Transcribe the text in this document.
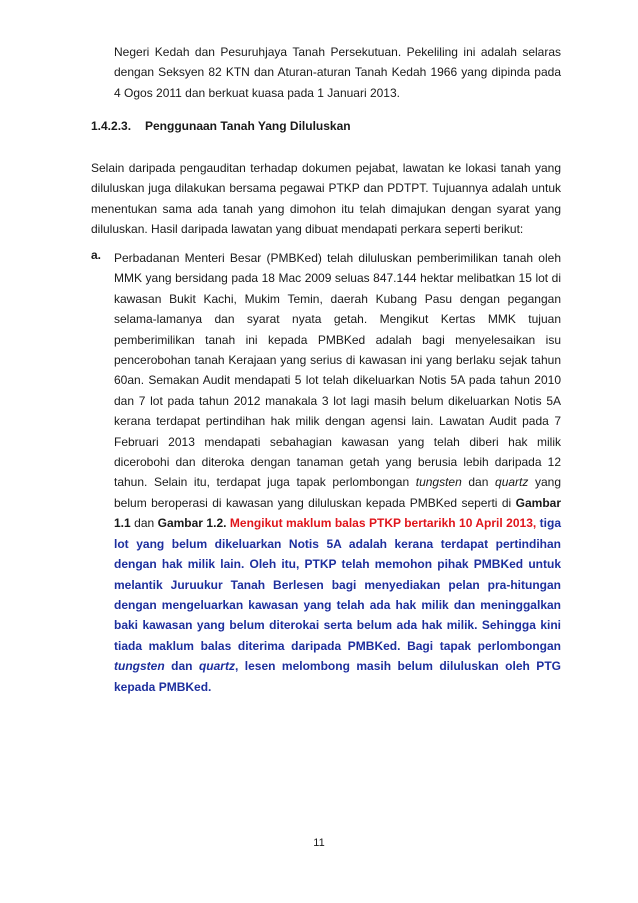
Negeri Kedah dan Pesuruhjaya Tanah Persekutuan. Pekeliling ini adalah selaras dengan Seksyen 82 KTN dan Aturan-aturan Tanah Kedah 1966 yang dipinda pada 4 Ogos 2011 dan berkuat kuasa pada 1 Januari 2013.

1.4.2.3. Penggunaan Tanah Yang Diluluskan

Selain daripada pengauditan terhadap dokumen pejabat, lawatan ke lokasi tanah yang diluluskan juga dilakukan bersama pegawai PTKP dan PDTPT. Tujuannya adalah untuk menentukan sama ada tanah yang dimohon itu telah dimajukan dengan syarat yang diluluskan. Hasil daripada lawatan yang dibuat mendapati perkara seperti berikut:

a. Perbadanan Menteri Besar (PMBKed) telah diluluskan pemberimilikan tanah oleh MMK yang bersidang pada 18 Mac 2009 seluas 847.144 hektar melibatkan 15 lot di kawasan Bukit Kachi, Mukim Temin, daerah Kubang Pasu dengan pegangan selama-lamanya dan syarat nyata getah. Mengikut Kertas MMK tujuan pemberimilikan tanah ini kepada PMBKed adalah bagi menyelesaikan isu pencerobohan tanah Kerajaan yang serius di kawasan ini yang berlaku sejak tahun 60an. Semakan Audit mendapati 5 lot telah dikeluarkan Notis 5A pada tahun 2010 dan 7 lot pada tahun 2012 manakala 3 lot lagi masih belum dikeluarkan Notis 5A kerana terdapat pertindihan hak milik dengan agensi lain. Lawatan Audit pada 7 Februari 2013 mendapati sebahagian kawasan yang telah diberi hak milik dicerobohi dan diteroka dengan tanaman getah yang berusia lebih daripada 12 tahun. Selain itu, terdapat juga tapak perlombongan tungsten dan quartz yang belum beroperasi di kawasan yang diluluskan kepada PMBKed seperti di Gambar 1.1 dan Gambar 1.2. Mengikut maklum balas PTKP bertarikh 10 April 2013, tiga lot yang belum dikeluarkan Notis 5A adalah kerana terdapat pertindihan dengan hak milik lain. Oleh itu, PTKP telah memohon pihak PMBKed untuk melantik Juruukur Tanah Berlesen bagi menyediakan pelan pra-hitungan dengan mengeluarkan kawasan yang telah ada hak milik dan meninggalkan baki kawasan yang belum diterokai serta belum ada hak milik. Sehingga kini tiada maklum balas diterima daripada PMBKed. Bagi tapak perlombongan tungsten dan quartz, lesen melombong masih belum diluluskan oleh PTG kepada PMBKed.

11
